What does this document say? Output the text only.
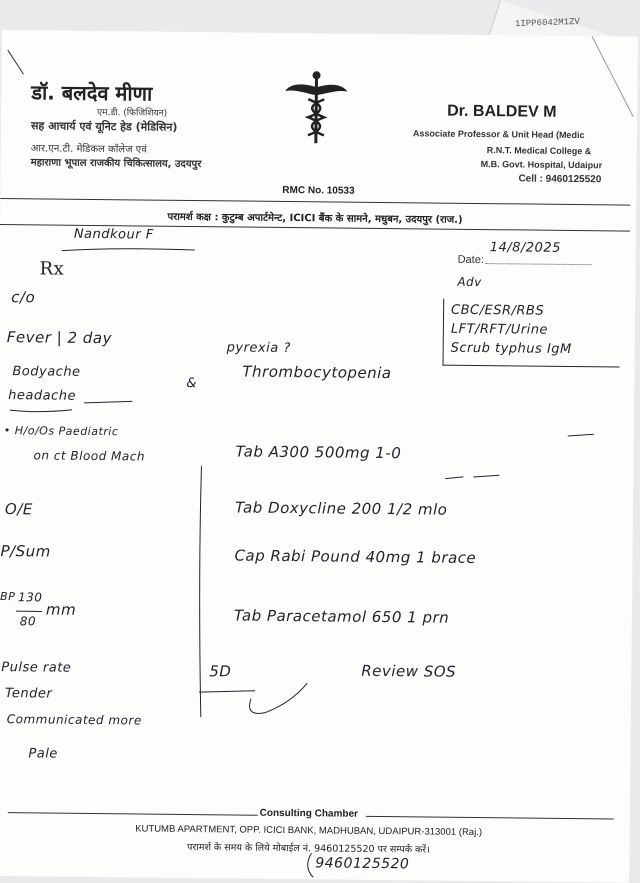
1IPP6042M1ZV
डॉ. बलदेव मीणा
एम.डी. (फिजिशियन)
सह आचार्य एवं यूनिट हेड (मेडिसिन)
आर.एन.टी. मेडिकल कॉलेज एवं
महाराणा भूपाल राजकीय चिकित्सालय, उदयपुर
RMC No. 10533
Dr. BALDEV M
Associate Professor & Unit Head (Medic
R.N.T. Medical College &
M.B. Govt. Hospital, Udaipur
Cell : 9460125520
परामर्श कक्ष : कुटुम्ब अपार्टमेन्ट, ICICI बैंक के सामने, मधुबन, उदयपुर (राज.)
Date:
14/8/2025
Nandkour F
Rx
c/o
Adv
CBC/ESR/RBS
LFT/RFT/Urine
Scrub typhus IgM
Fever | 2 day
Bodyache
headache
pyrexia ?
Thrombocytopenia
&
• H/o/Os Paediatric
on ct Blood Mach	Tab A300 500mg 1-0
Tab Doxycline 200 1/2 mlo
Cap Rabi Pound 40mg 1 brace
Tab Paracetamol 650 1 prn
O/E
P/Sum
BP 130
80
mm
Pulse rate
Tender
Communicated more
Pale
5D	Review SOS
Consulting Chamber
KUTUMB APARTMENT, OPP. ICICI BANK, MADHUBAN, UDAIPUR-313001 (Raj.)
परामर्श के समय के लिये मोबाईल नं. 9460125520 पर सम्पर्क करें।
9460125520
